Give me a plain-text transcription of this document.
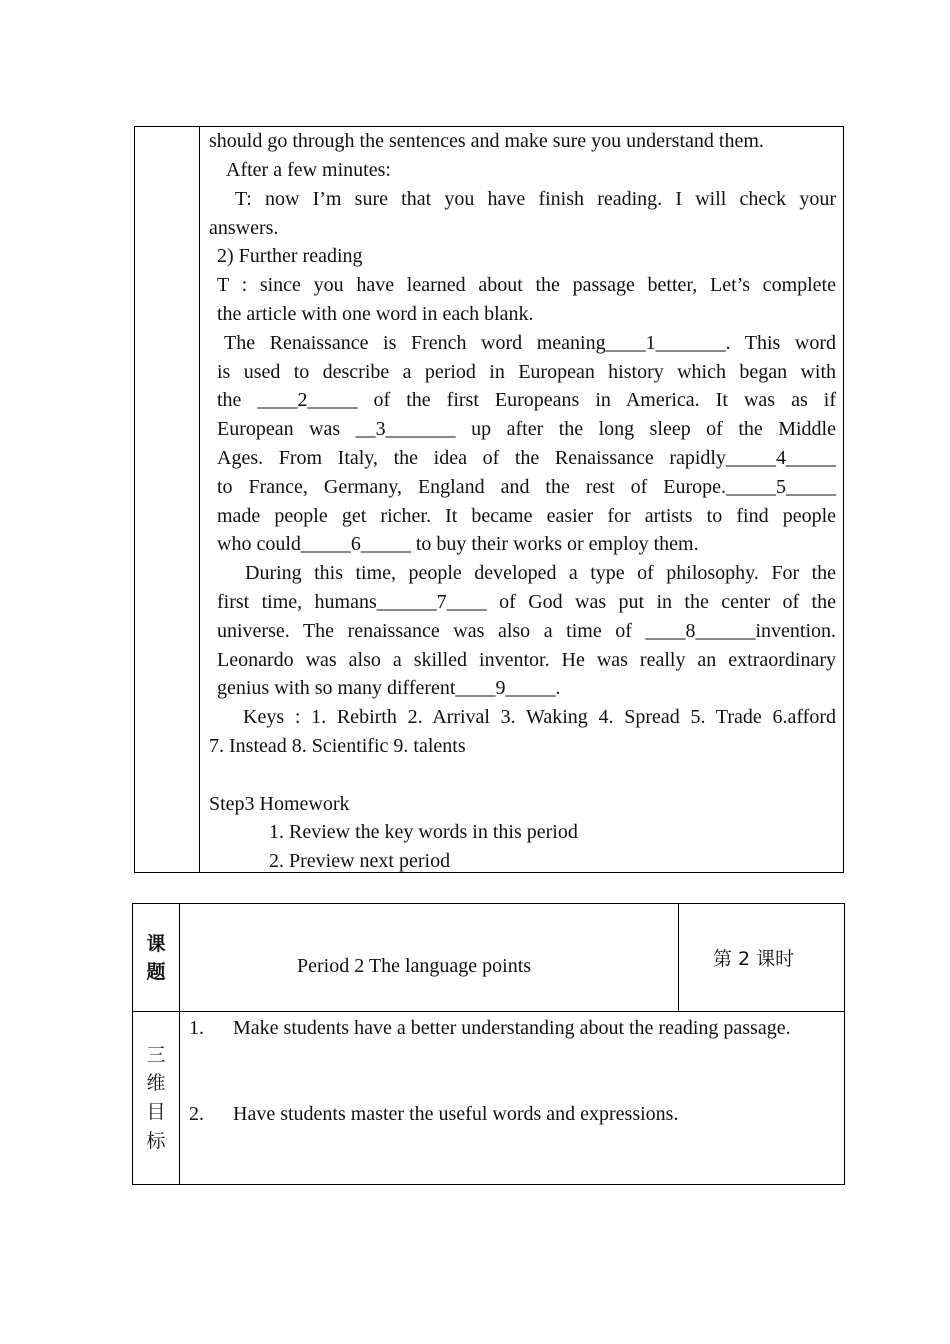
should go through the sentences and make sure you understand them.
After a few minutes:
T: now I’m sure that you have finish reading. I will check your
answers.
2) Further reading
T : since you have learned about the passage better, Let’s complete
the article with one word in each blank.
The Renaissance is French word meaning____1_______. This word
is used to describe a period in European history which began with
the ____2_____ of the first Europeans in America. It was as if
European was __3_______ up after the long sleep of the Middle
Ages. From Italy, the idea of the Renaissance rapidly_____4_____
to France, Germany, England and the rest of Europe._____5_____
made people get richer. It became easier for artists to find people
who could_____6_____ to buy their works or employ them.
During this time, people developed a type of philosophy. For the
first time, humans______7____ of God was put in the center of the
universe. The renaissance was also a time of ____8______invention.
Leonardo was also a skilled inventor. He was really an extraordinary
genius with so many different____9_____.
Keys : 1. Rebirth 2. Arrival 3. Waking 4. Spread 5. Trade 6.afford
7. Instead 8. Scientific 9. talents
Step3 Homework
1. Review the key words in this period
2. Preview next period
课
题	Period 2 The language points	第 2 课时
三
维
目
标
1. Make students have a better understanding about the reading passage.
2. Have students master the useful words and expressions.
